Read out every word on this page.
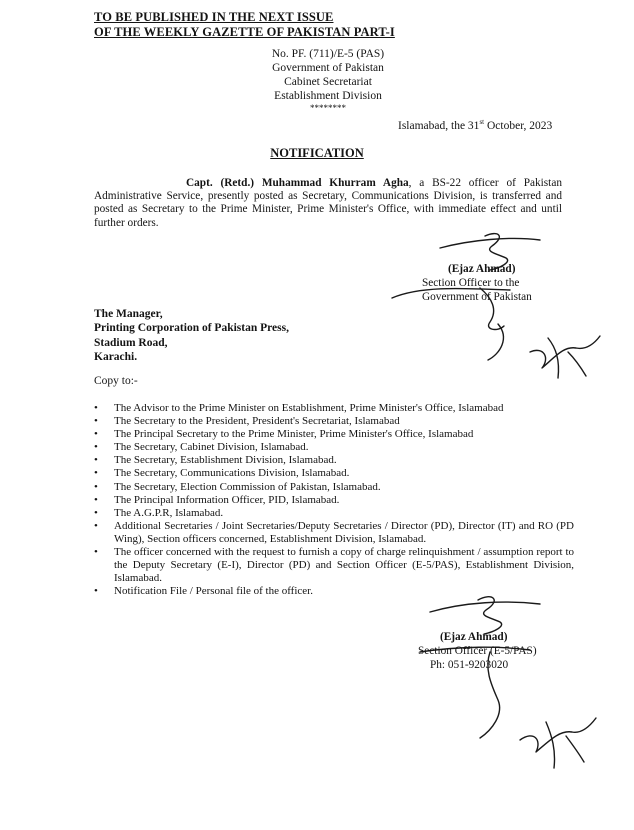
TO BE PUBLISHED IN THE NEXT ISSUE
OF THE WEEKLY GAZETTE OF PAKISTAN PART-I
No. PF. (711)/E-5 (PAS)
Government of Pakistan
Cabinet Secretariat
Establishment Division
********
Islamabad, the 31st October, 2023
NOTIFICATION
Capt. (Retd.) Muhammad Khurram Agha, a BS-22 officer of Pakistan Administrative Service, presently posted as Secretary, Communications Division, is transferred and posted as Secretary to the Prime Minister, Prime Minister's Office, with immediate effect and until further orders.
(Ejaz Ahmad)
Section Officer to the
Government of Pakistan
The Manager,
Printing Corporation of Pakistan Press,
Stadium Road,
Karachi.
Copy to:-
• The Advisor to the Prime Minister on Establishment, Prime Minister's Office, Islamabad
• The Secretary to the President, President's Secretariat, Islamabad
• The Principal Secretary to the Prime Minister, Prime Minister's Office, Islamabad
• The Secretary, Cabinet Division, Islamabad.
• The Secretary, Establishment Division, Islamabad.
• The Secretary, Communications Division, Islamabad.
• The Secretary, Election Commission of Pakistan, Islamabad.
• The Principal Information Officer, PID, Islamabad.
• The A.G.P.R, Islamabad.
• Additional Secretaries / Joint Secretaries/Deputy Secretaries / Director (PD), Director (IT) and RO (PD Wing), Section officers concerned, Establishment Division, Islamabad.
• The officer concerned with the request to furnish a copy of charge relinquishment / assumption report to the Deputy Secretary (E-I), Director (PD) and Section Officer (E-5/PAS), Establishment Division, Islamabad.
• Notification File / Personal file of the officer.
(Ejaz Ahmad)
Section Officer (E-5/PAS)
Ph: 051-9203020
